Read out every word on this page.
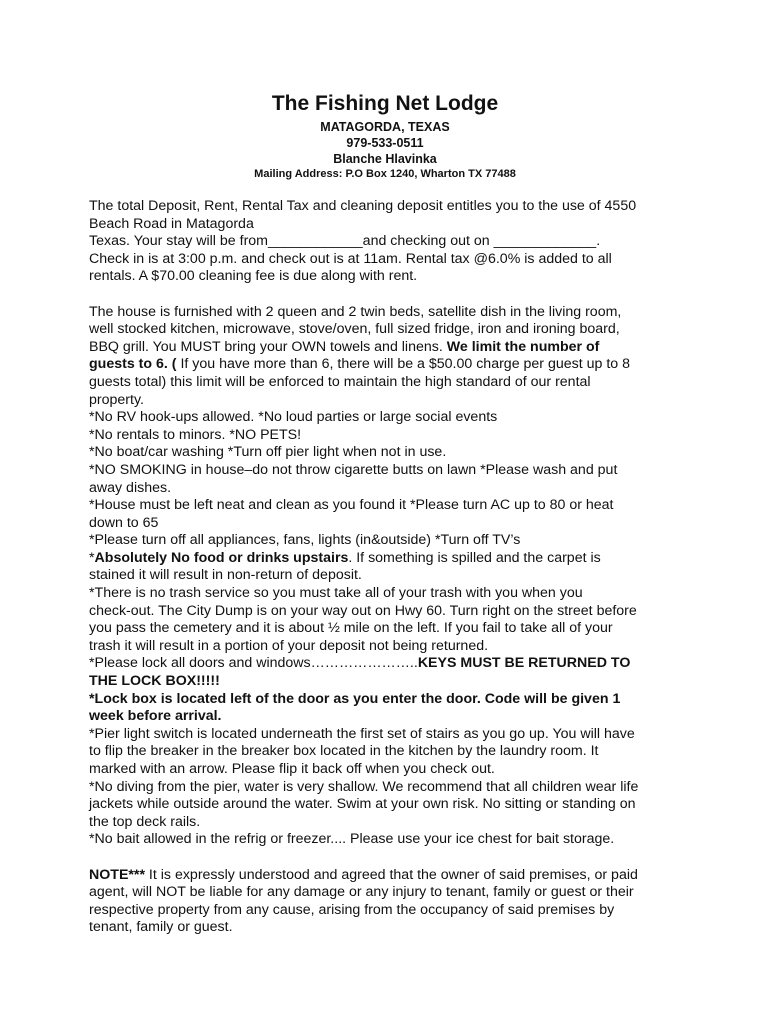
The Fishing Net Lodge

MATAGORDA, TEXAS

979-533-0511

Blanche Hlavinka

Mailing Address: P.O Box 1240, Wharton TX 77488

The total Deposit, Rent, Rental Tax and cleaning deposit entitles you to the use of 4550

Beach Road in Matagorda

Texas. Your stay will be from____________and checking out on _____________.

Check in is at 3:00 p.m. and check out is at 11am. Rental tax @6.0% is added to all

rentals. A $70.00 cleaning fee is due along with rent.

The house is furnished with 2 queen and 2 twin beds, satellite dish in the living room,

well stocked kitchen, microwave, stove/oven, full sized fridge, iron and ironing board,

BBQ grill. You MUST bring your OWN towels and linens. We limit the number of

guests to 6. ( If you have more than 6, there will be a $50.00 charge per guest up to 8

guests total) this limit will be enforced to maintain the high standard of our rental

property.

*No RV hook-ups allowed. *No loud parties or large social events

*No rentals to minors. *NO PETS!

*No boat/car washing *Turn off pier light when not in use.

*NO SMOKING in house–do not throw cigarette butts on lawn *Please wash and put

away dishes.

*House must be left neat and clean as you found it *Please turn AC up to 80 or heat

down to 65

*Please turn off all appliances, fans, lights (in&outside) *Turn off TV’s

*Absolutely No food or drinks upstairs. If something is spilled and the carpet is

stained it will result in non-return of deposit.

*There is no trash service so you must take all of your trash with you when you

check-out. The City Dump is on your way out on Hwy 60. Turn right on the street before

you pass the cemetery and it is about ½ mile on the left. If you fail to take all of your

trash it will result in a portion of your deposit not being returned.

*Please lock all doors and windows…………………..KEYS MUST BE RETURNED TO

THE LOCK BOX!!!!!

*Lock box is located left of the door as you enter the door. Code will be given 1

week before arrival.

*Pier light switch is located underneath the first set of stairs as you go up. You will have

to flip the breaker in the breaker box located in the kitchen by the laundry room. It

marked with an arrow. Please flip it back off when you check out.

*No diving from the pier, water is very shallow. We recommend that all children wear life

jackets while outside around the water. Swim at your own risk. No sitting or standing on

the top deck rails.

*No bait allowed in the refrig or freezer.... Please use your ice chest for bait storage.

NOTE*** It is expressly understood and agreed that the owner of said premises, or paid

agent, will NOT be liable for any damage or any injury to tenant, family or guest or their

respective property from any cause, arising from the occupancy of said premises by

tenant, family or guest.
